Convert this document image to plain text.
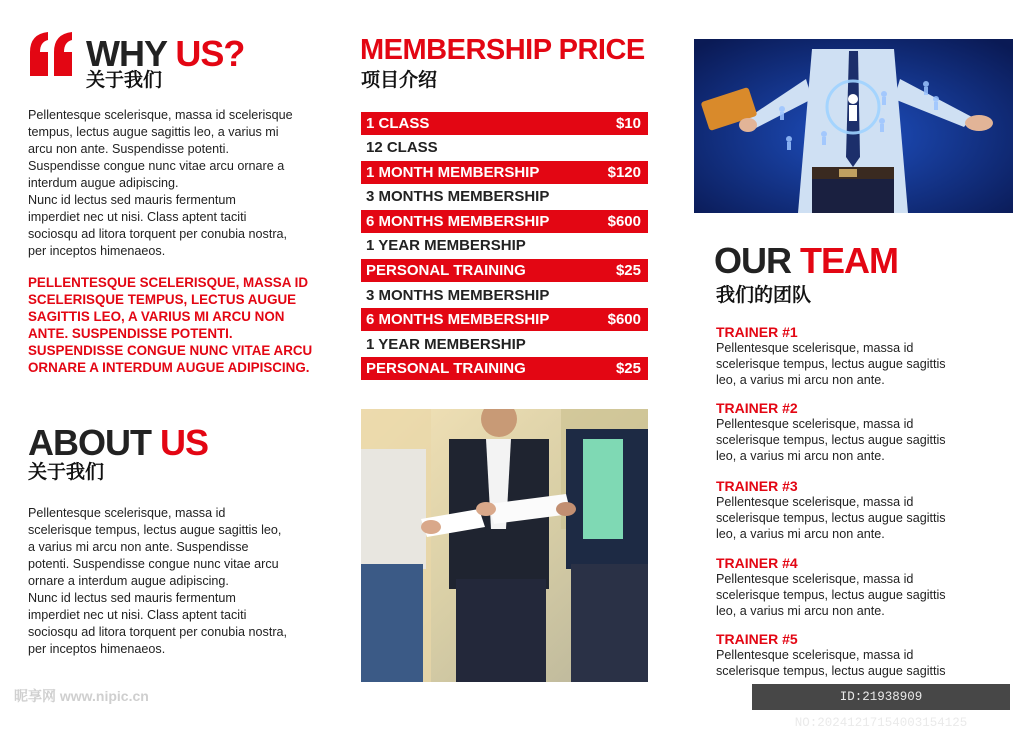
WHY US?
关于我们
Pellentesque scelerisque, massa id scelerisque
tempus, lectus augue sagittis leo, a varius mi
arcu non ante. Suspendisse potenti.
Suspendisse congue nunc vitae arcu ornare a
interdum augue adipiscing.
Nunc id lectus sed mauris fermentum
imperdiet nec ut nisi. Class aptent taciti
sociosqu ad litora torquent per conubia nostra,
per inceptos himenaeos.
PELLENTESQUE SCELERISQUE, MASSA ID SCELERISQUE TEMPUS, LECTUS AUGUE SAGITTIS LEO, A VARIUS MI ARCU NON ANTE. SUSPENDISSE POTENTI. SUSPENDISSE CONGUE NUNC VITAE ARCU ORNARE A INTERDUM AUGUE ADIPISCING.
ABOUT US
关于我们
Pellentesque scelerisque, massa id
scelerisque tempus, lectus augue sagittis leo,
a varius mi arcu non ante. Suspendisse
potenti. Suspendisse congue nunc vitae arcu
ornare a interdum augue adipiscing.
Nunc id lectus sed mauris fermentum
imperdiet nec ut nisi. Class aptent taciti
sociosqu ad litora torquent per conubia nostra,
per inceptos himenaeos.
MEMBERSHIP PRICE
项目介绍
1 CLASS	$10
12 CLASS
1 MONTH MEMBERSHIP	$120
3 MONTHS MEMBERSHIP
6 MONTHS MEMBERSHIP	$600
1 YEAR MEMBERSHIP
PERSONAL TRAINING	$25
3 MONTHS MEMBERSHIP
6 MONTHS MEMBERSHIP	$600
1 YEAR MEMBERSHIP
PERSONAL TRAINING	$25
OUR TEAM
我们的团队
TRAINER #1
Pellentesque scelerisque, massa id
scelerisque tempus, lectus augue sagittis
leo, a varius mi arcu non ante.
TRAINER #2
Pellentesque scelerisque, massa id
scelerisque tempus, lectus augue sagittis
leo, a varius mi arcu non ante.
TRAINER #3
Pellentesque scelerisque, massa id
scelerisque tempus, lectus augue sagittis
leo, a varius mi arcu non ante.
TRAINER #4
Pellentesque scelerisque, massa id
scelerisque tempus, lectus augue sagittis
leo, a varius mi arcu non ante.
TRAINER #5
Pellentesque scelerisque, massa id
scelerisque tempus, lectus augue sagittis
昵享网 www.nipic.cn	ID:21938909 NO:20241217154003154125
